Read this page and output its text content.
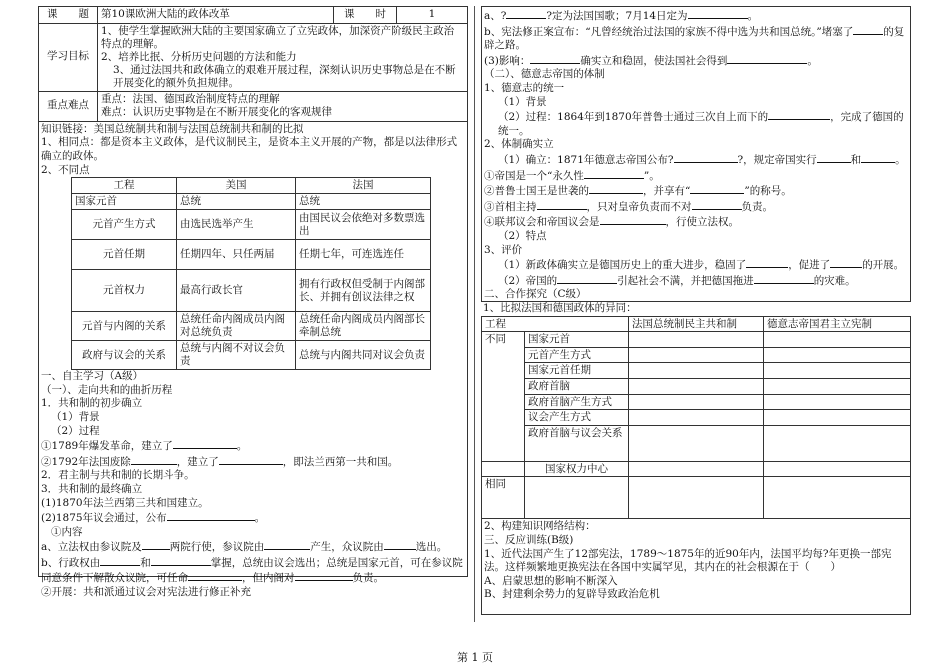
课　　题	第10课欧洲大陆的政体改革	课　　时	1
学习目标	1、使学生掌握欧洲大陆的主要国家确立了立宪政体，加深资产阶级民主政治特点的理解。
2、培养比抿、分析历史问题的方法和能力
3、通过法国共和政体确立的艰难开展过程，深刻认识历史事物总是在不断开展变化的额外负担规律。		

重点难点	重点：法国、德国政治制度特点的理解
难点：认识历史事物是在不断开展变化的客观规律		
知识链接：美国总统制共和制与法国总统制共和制的比拟
1、相同点：都是资本主义政体，是代议制民主，是资本主义开展的产物，都是以法律形式确立的政体。
2、不同点
工程	美国	法国
国家元首	总统	总统
元首产生方式	由选民选举产生	由国民议会依绝对多数票选出
元首任期	任期四年、只任两届	任期七年，可连选连任
元首权力	最高行政长官	拥有行政权但受制于内阁部长、并拥有创议法律之权
元首与内阁的关系	总统任命内阁成员内阁对总统负责	总统任命内阁成员内阁部长牵制总统
政府与议会的关系	总统与内阁不对议会负责	总统与内阁共同对议会负责
一、自主学习（A级）
（一）、走向共和的曲折历程
1．共和制的初步确立
（1）背景
（2）过程
①1789年爆发革命，建立了	。
②1792年法国废除	，建立了	，即法兰西第一共和国。
2．君主制与共和制的长期斗争。
3．共和制的最终确立
(1)1870年法兰西第三共和国建立。
(2)1875年议会通过，公布	。
①内容
a、立法权由参议院及	两院行使，参议院由	产生，众议院由	选出。
b、行政权由	和	掌握，总统由议会选出；总统是国家元首，可在参议院同意条件下解散众议院，可任命	，但内阁对	负责。
②开展：共和派通过议会对宪法进行修正补充
a、?	?定为法国国歌；7月14日定为	。
b、宪法修正案宣布：“凡曾经统治过法国的家族不得中选为共和国总统。”堵塞了	的复辟之路。
(3)影响：	确实立和稳固，使法国社会得到	。
（二）、德意志帝国的体制
1、德意志的统一
（1）背景
（2）过程：1864年到1870年普鲁士通过三次自上而下的	，完成了德国的统一。
2、体制确实立
（1）确立：1871年德意志帝国公布?	?，规定帝国实行	和	。
①帝国是一个“永久性	”。
②普鲁士国王是世袭的	，并享有“	”的称号。
③首相主持	，只对皇帝负责而不对	负责。
④联邦议会和帝国议会是	，行使立法权。
（2）特点
3、评价
（1）新政体确实立是德国历史上的重大进步，稳固了	，促进了	的开展。
（2）帝国的	引起社会不满，并把德国拖进	的灾难。
二、合作探究（C级）
1、比拟法国和德国政体的异同：
工程		法国总统制民主共和制	德意志帝国君主立宪制
不同	国家元首		
	元首产生方式		
	国家元首任期		
	政府首脑		
	政府首脑产生方式		
	议会产生方式		
	政府首脑与议会关系		
	国家权力中心		
相同			
2、构建知识网络结构：
三、反应训练(B级)
1、近代法国产生了12部宪法，1789～1875年的近90年内，法国平均每?年更换一部宪法。这样频繁地更换宪法在各国中实属罕见，其内在的社会根源在于（　　）
A、启蒙思想的影响不断深入
B、封建剩余势力的复辟导致政治危机
第 1 页
